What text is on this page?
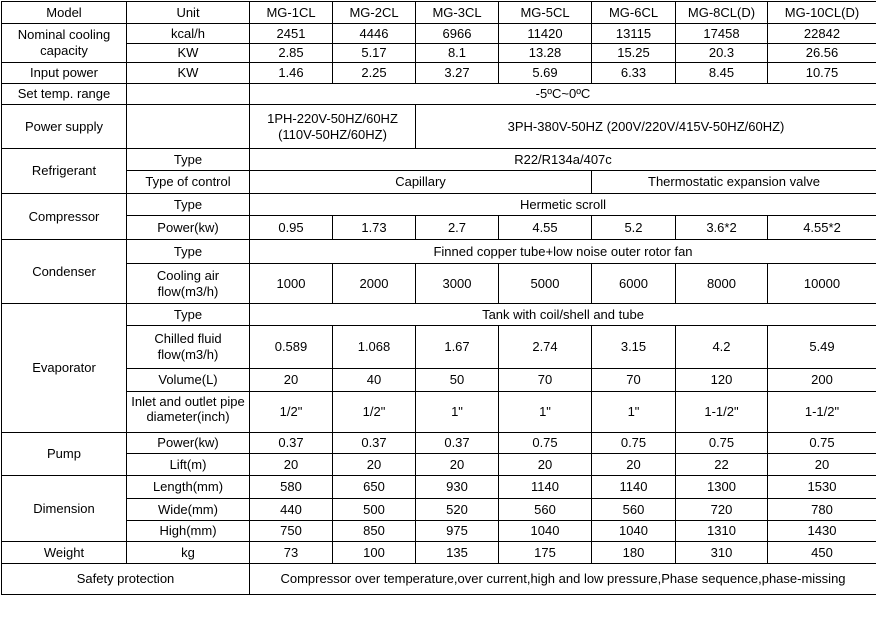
Model	Unit	MG-1CL	MG-2CL	MG-3CL	MG-5CL	MG-6CL	MG-8CL(D)	MG-10CL(D)
Nominal cooling capacity	kcal/h	2451	4446	6966	11420	13115	17458	22842
	KW	2.85	5.17	8.1	13.28	15.25	20.3	26.56
Input power	KW	1.46	2.25	3.27	5.69	6.33	8.45	10.75
Set temp. range		-5ºC~0ºC						
Power supply		1PH-220V-50HZ/60HZ (110V-50HZ/60HZ)		3PH-380V-50HZ (200V/220V/415V-50HZ/60HZ)				
Refrigerant	Type	R22/R134a/407c						
	Type of control	Capillary				Thermostatic expansion valve		
Compressor	Type	Hermetic scroll						
	Power(kw)	0.95	1.73	2.7	4.55	5.2	3.6*2	4.55*2
Condenser	Type	Finned copper tube+low noise outer rotor fan						
	Cooling air flow(m3/h)	1000	2000	3000	5000	6000	8000	10000
Evaporator	Type	Tank with coil/shell and tube						
	Chilled fluid flow(m3/h)	0.589	1.068	1.67	2.74	3.15	4.2	5.49
	Volume(L)	20	40	50	70	70	120	200

	Inlet and outlet pipe diameter(inch)	1/2"	1/2"	1"	1"	1"	1-1/2"	1-1/2"
Pump	Power(kw)	0.37	0.37	0.37	0.75	0.75	0.75	0.75
	Lift(m)	20	20	20	20	20	22	20
Dimension	Length(mm)	580	650	930	1140	1140	1300	1530
	Wide(mm)	440	500	520	560	560	720	780
	High(mm)	750	850	975	1040	1040	1310	1430
Weight	kg	73	100	135	175	180	310	450
Safety protection		Compressor over temperature,over current,high and low pressure,Phase sequence,phase-missing						
